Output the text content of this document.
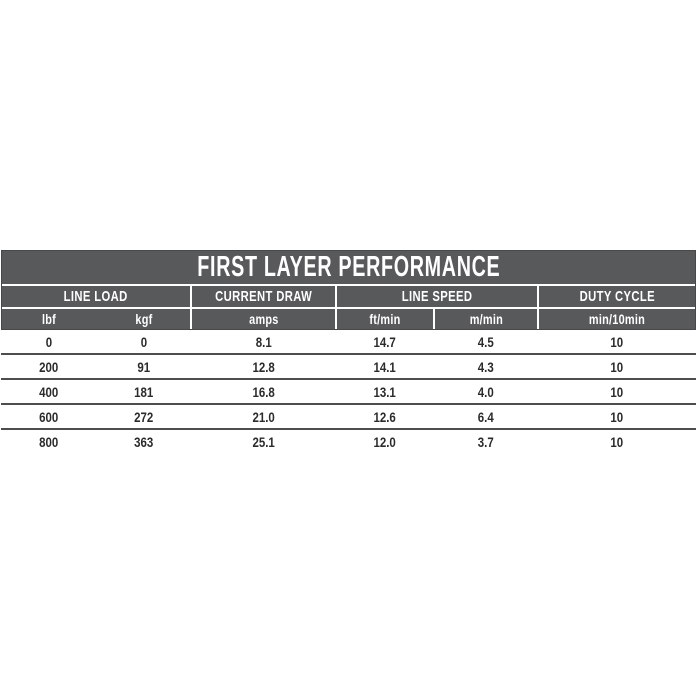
FIRST LAYER PERFORMANCE
LINE LOAD	CURRENT DRAW	LINE SPEED	DUTY CYCLE
lbf	kgf	amps	ft/min	m/min	min/10min
0	0	8.1	14.7	4.5	10
200	91	12.8	14.1	4.3	10
400	181	16.8	13.1	4.0	10
600	272	21.0	12.6	6.4	10
800	363	25.1	12.0	3.7	10
